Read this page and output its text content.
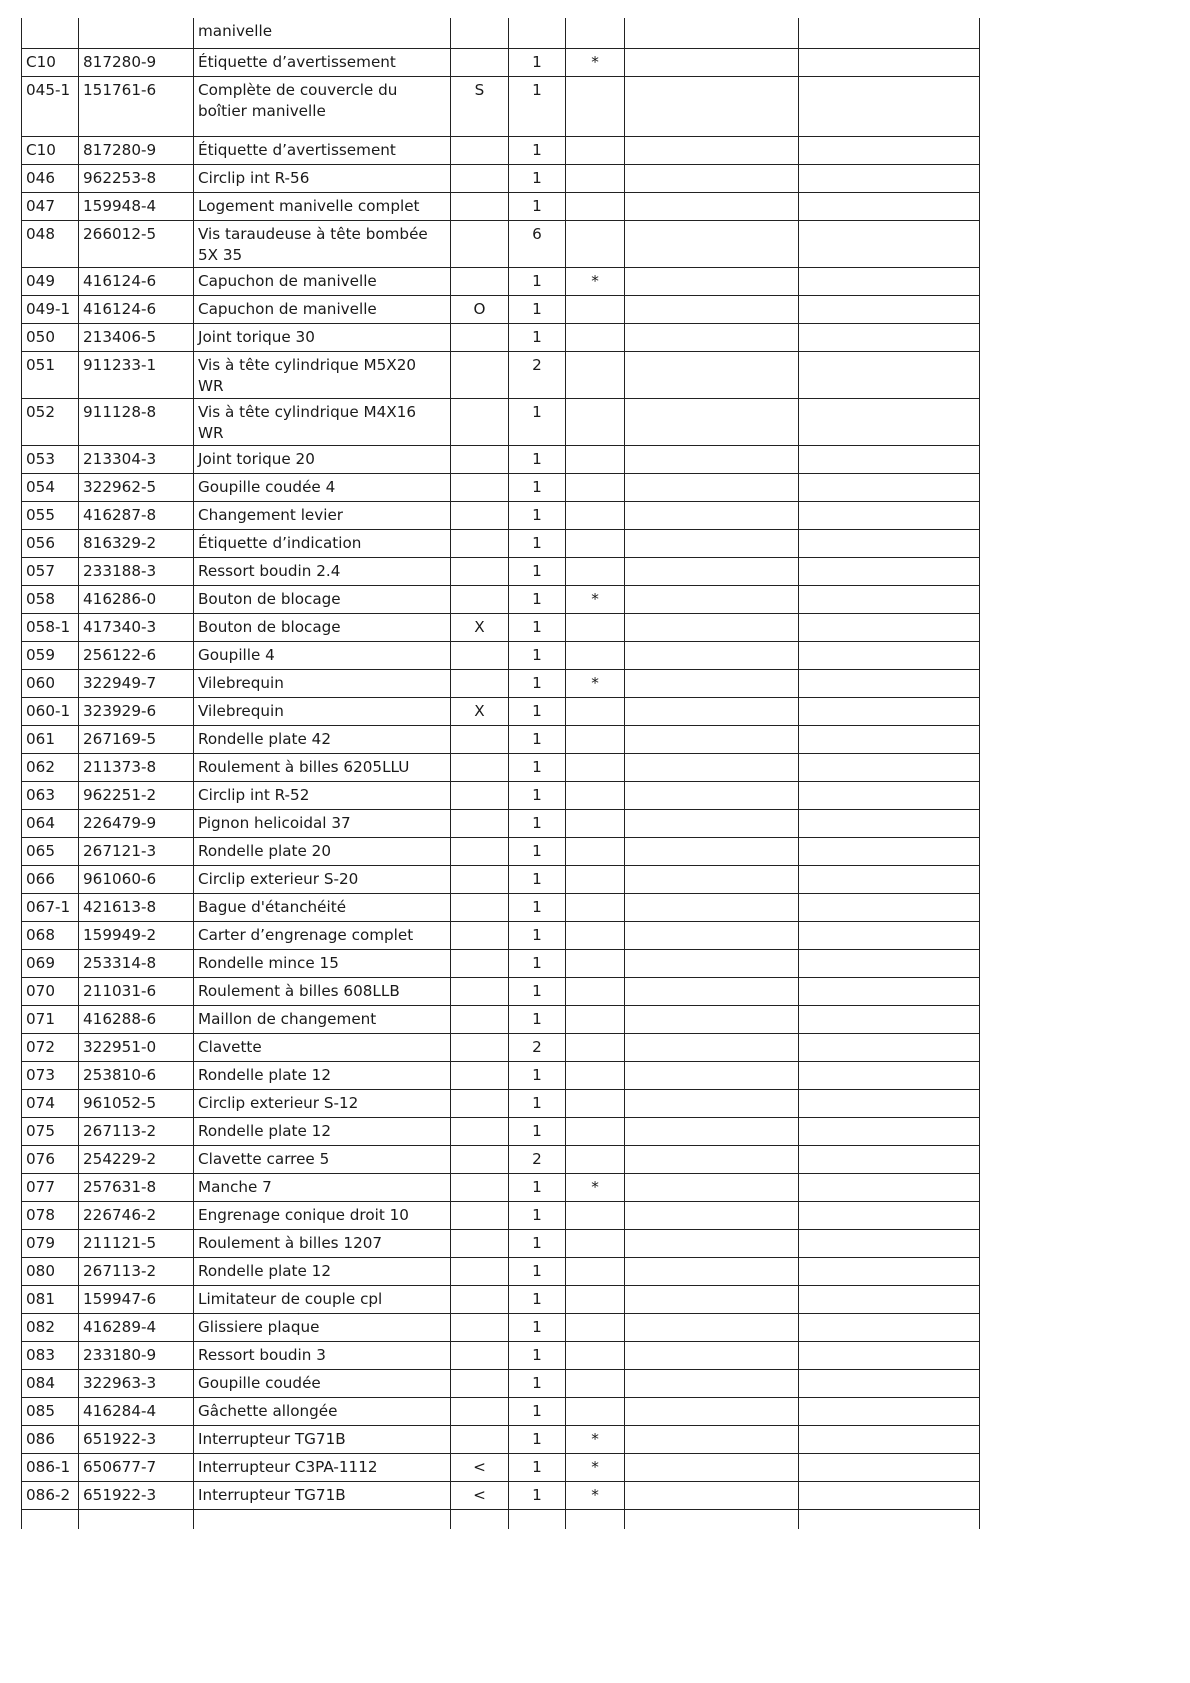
		manivelle					
C10	817280-9	Étiquette d’avertissement		1	*		
045-1	151761-6	Complète de couvercle du boîtier manivelle	S	1			
C10	817280-9	Étiquette d’avertissement		1			
046	962253-8	Circlip int R-56		1			
047	159948-4	Logement manivelle complet		1			
048	266012-5	Vis taraudeuse à tête bombée 5X 35		6			
049	416124-6	Capuchon de manivelle		1	*		
049-1	416124-6	Capuchon de manivelle	O	1			
050	213406-5	Joint torique 30		1			
051	911233-1	Vis à tête cylindrique M5X20 WR		2			
052	911128-8	Vis à tête cylindrique M4X16 WR		1			
053	213304-3	Joint torique 20		1			
054	322962-5	Goupille coudée 4		1			
055	416287-8	Changement levier		1			
056	816329-2	Étiquette d’indication		1			
057	233188-3	Ressort boudin 2.4		1			
058	416286-0	Bouton de blocage		1	*		
058-1	417340-3	Bouton de blocage	X	1			
059	256122-6	Goupille 4		1			
060	322949-7	Vilebrequin		1	*		
060-1	323929-6	Vilebrequin	X	1			
061	267169-5	Rondelle plate 42		1			
062	211373-8	Roulement à billes 6205LLU		1			
063	962251-2	Circlip int R-52		1			
064	226479-9	Pignon helicoidal 37		1			
065	267121-3	Rondelle plate 20		1			
066	961060-6	Circlip exterieur S-20		1			
067-1	421613-8	Bague d'étanchéité		1			
068	159949-2	Carter d’engrenage complet		1			
069	253314-8	Rondelle mince 15		1			
070	211031-6	Roulement à billes 608LLB		1			
071	416288-6	Maillon de changement		1			
072	322951-0	Clavette		2			
073	253810-6	Rondelle plate 12		1			
074	961052-5	Circlip exterieur S-12		1			
075	267113-2	Rondelle plate 12		1			
076	254229-2	Clavette carree 5		2			
077	257631-8	Manche 7		1	*		
078	226746-2	Engrenage conique droit 10		1			
079	211121-5	Roulement à billes 1207		1			
080	267113-2	Rondelle plate 12		1			
081	159947-6	Limitateur de couple cpl		1			
082	416289-4	Glissiere plaque		1			
083	233180-9	Ressort boudin 3		1			
084	322963-3	Goupille coudée		1			
085	416284-4	Gâchette allongée		1			
086	651922-3	Interrupteur TG71B		1	*		
086-1	650677-7	Interrupteur C3PA-1112	<	1	*		
086-2	651922-3	Interrupteur TG71B	<	1	*		
